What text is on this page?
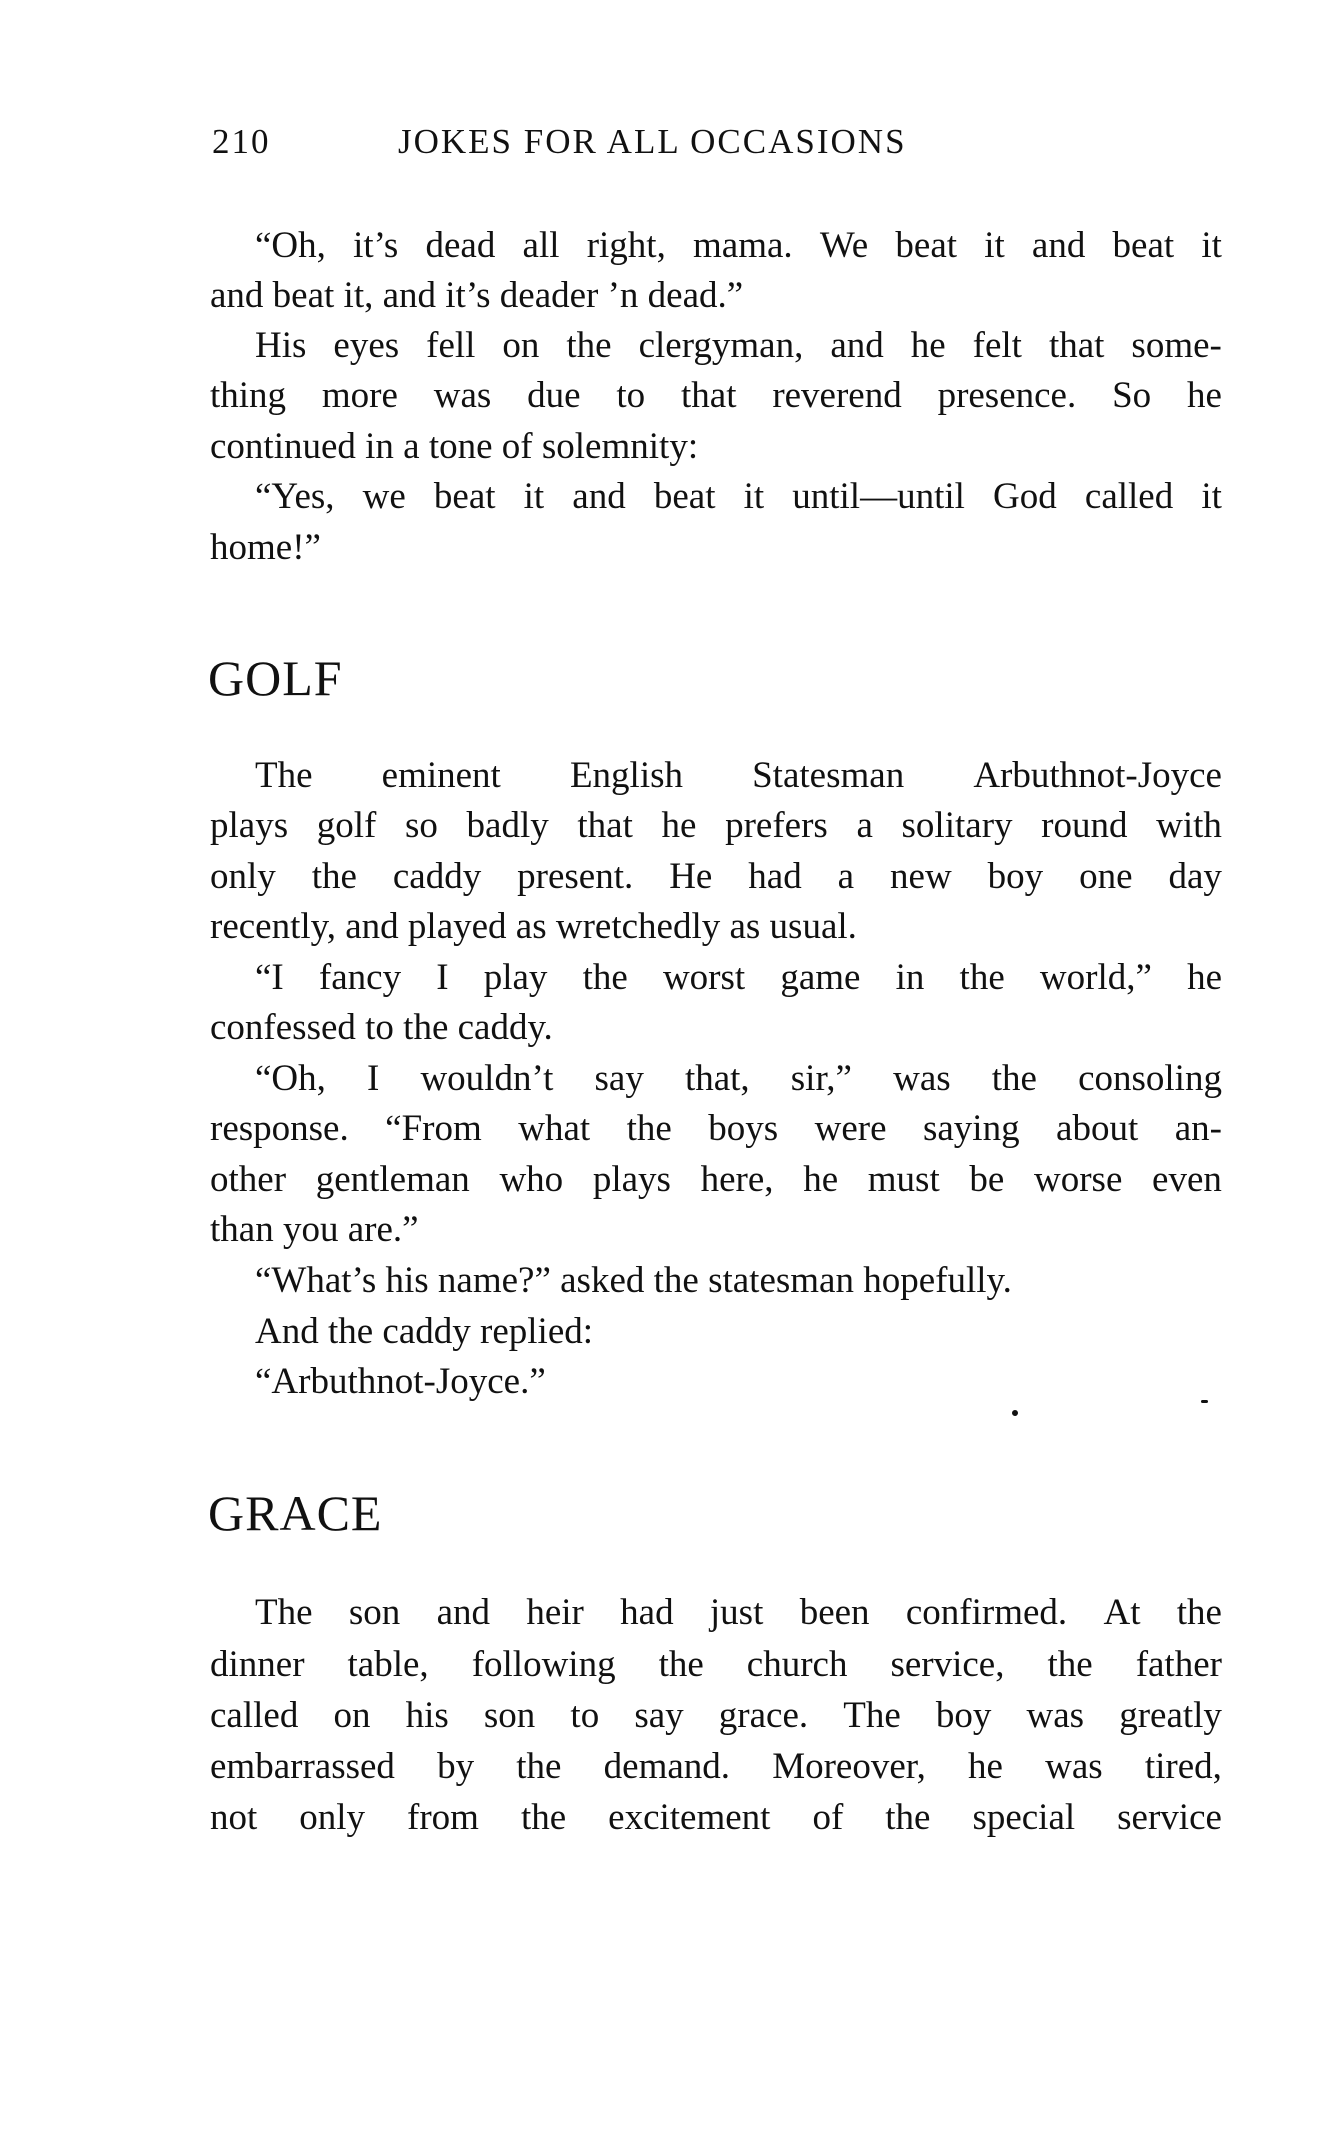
210	JOKES FOR ALL OCCASIONS
“Oh, it’s dead all right, mama. We beat it and beat it
and beat it, and it’s deader ’n dead.”
His eyes fell on the clergyman, and he felt that some-
thing more was due to that reverend presence. So he
continued in a tone of solemnity:
“Yes, we beat it and beat it until—until God called it
home!”
GOLF
The eminent English Statesman Arbuthnot-Joyce
plays golf so badly that he prefers a solitary round with
only the caddy present. He had a new boy one day
recently, and played as wretchedly as usual.
“I fancy I play the worst game in the world,” he
confessed to the caddy.
“Oh, I wouldn’t say that, sir,” was the consoling
response. “From what the boys were saying about an-
other gentleman who plays here, he must be worse even
than you are.”
“What’s his name?” asked the statesman hopefully.
And the caddy replied:
“Arbuthnot-Joyce.”
GRACE
The son and heir had just been confirmed. At the
dinner table, following the church service, the father
called on his son to say grace. The boy was greatly
embarrassed by the demand. Moreover, he was tired,
not only from the excitement of the special service
